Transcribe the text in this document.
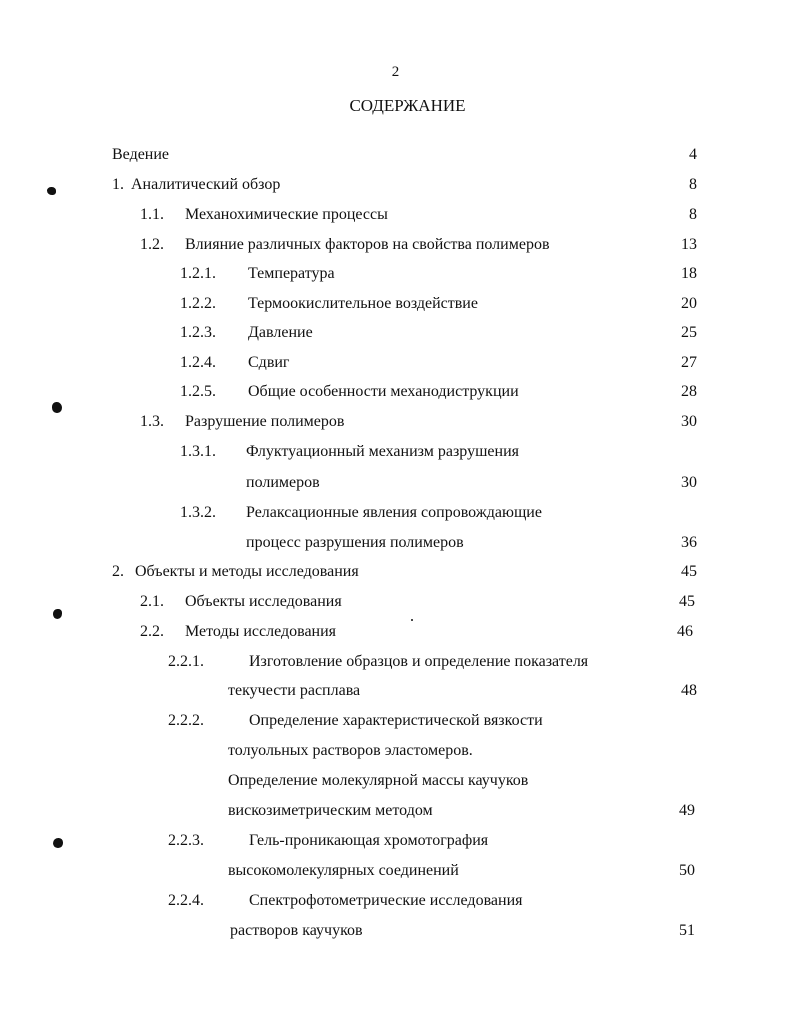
2
СОДЕРЖАНИЕ
Ведение	4
1. Аналитический обзор	8
1.1. Механохимические процессы	8
1.2. Влияние различных факторов на свойства полимеров	13
1.2.1. Температура	18
1.2.2. Термоокислительное воздействие	20
1.2.3. Давление	25
1.2.4. Сдвиг	27
1.2.5. Общие особенности механодиструкции	28
1.3. Разрушение полимеров	30
1.3.1. Флуктуационный механизм разрушения
полимеров	30
1.3.2. Релаксационные явления сопровождающие
процесс разрушения полимеров	36
2. Объекты и методы исследования	45
2.1. Объекты исследования	45
2.2. Методы исследования	46
2.2.1.	Изготовление образцов и определение показателя
текучести расплава	48
2.2.2.	Определение характеристической вязкости
толуольных растворов эластомеров.
Определение молекулярной массы каучуков
вискозиметрическим методом	49
2.2.3.	Гель-проникающая хромотография
высокомолекулярных соединений	50
2.2.4.	Спектрофотометрические исследования
растворов каучуков	51
